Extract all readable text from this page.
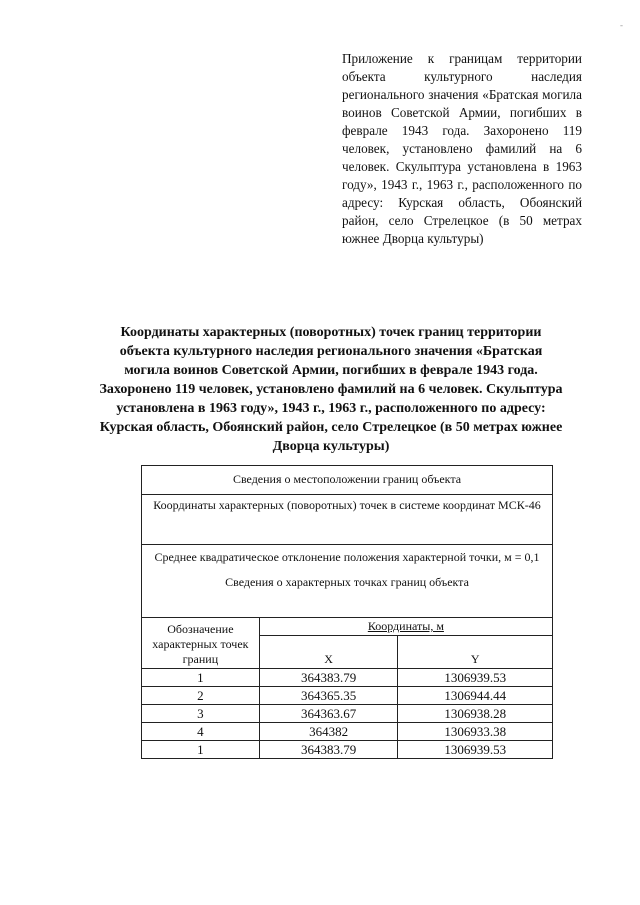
-
Приложение к границам территории объекта культурного наследия регионального значения «Братская могила воинов Советской Армии, погибших в феврале 1943 года. Захоронено 119 человек, установлено фамилий на 6 человек. Скульптура установлена в 1963 году», 1943 г., 1963 г., расположенного по адресу: Курская область, Обоянский район, село Стрелецкое (в 50 метрах южнее Дворца культуры)
Координаты характерных (поворотных) точек границ территории объекта культурного наследия регионального значения «Братская могила воинов Советской Армии, погибших в феврале 1943 года. Захоронено 119 человек, установлено фамилий на 6 человек. Скульптура установлена в 1963 году», 1943 г., 1963 г., расположенного по адресу: Курская область, Обоянский район, село Стрелецкое (в 50 метрах южнее Дворца культуры)
Сведения о местоположении границ объекта		
Координаты характерных (поворотных) точек в системе координат МСК-46		
Среднее квадратическое отклонение положения характерной точки, м = 0,1
Сведения о характерных точках границ объекта		
Обозначение характерных точек границ	Координаты, м	
	X	Y
1	364383.79	1306939.53
2	364365.35	1306944.44
3	364363.67	1306938.28
4	364382	1306933.38
1	364383.79	1306939.53
